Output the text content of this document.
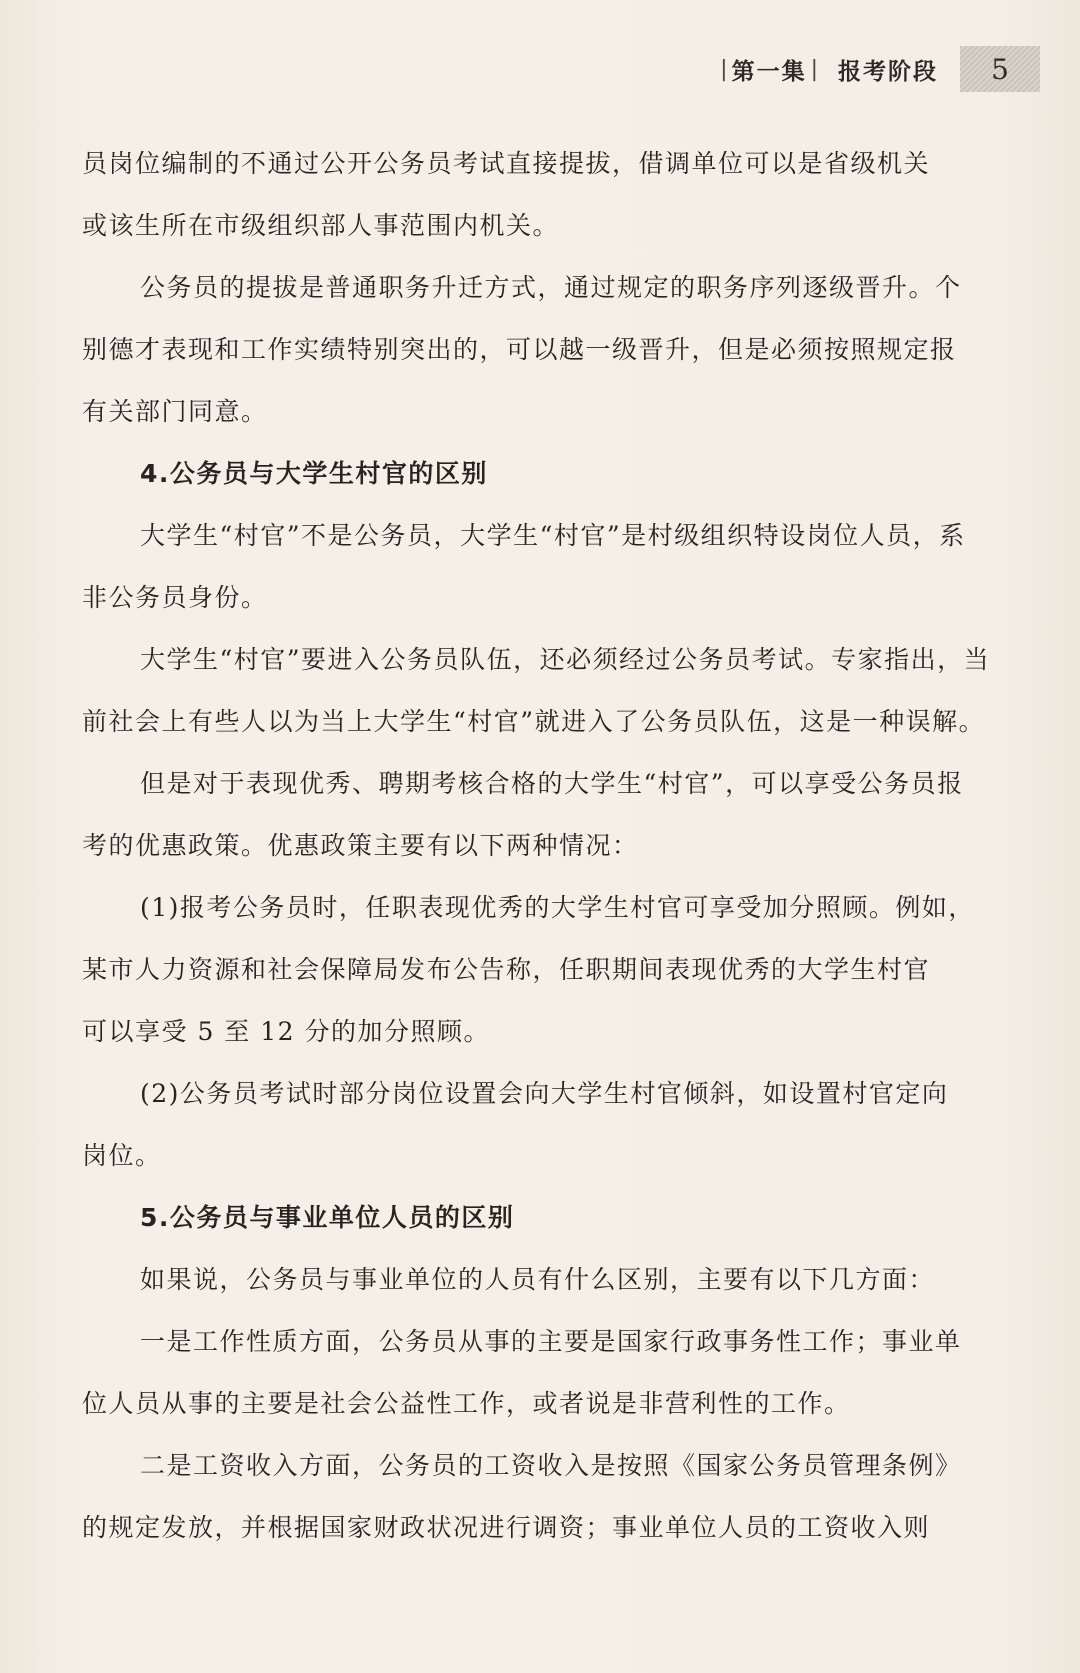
| 第一集 | 报考阶段	5
员岗位编制的不通过公开公务员考试直接提拔，借调单位可以是省级机关
或该生所在市级组织部人事范围内机关。
公务员的提拔是普通职务升迁方式，通过规定的职务序列逐级晋升。个
别德才表现和工作实绩特别突出的，可以越一级晋升，但是必须按照规定报
有关部门同意。
4.公务员与大学生村官的区别
大学生“村官”不是公务员，大学生“村官”是村级组织特设岗位人员，系
非公务员身份。
大学生“村官”要进入公务员队伍，还必须经过公务员考试。专家指出，当
前社会上有些人以为当上大学生“村官”就进入了公务员队伍，这是一种误解。
但是对于表现优秀、聘期考核合格的大学生“村官”，可以享受公务员报
考的优惠政策。优惠政策主要有以下两种情况：
(1)报考公务员时，任职表现优秀的大学生村官可享受加分照顾。例如，
某市人力资源和社会保障局发布公告称，任职期间表现优秀的大学生村官
可以享受 5 至 12 分的加分照顾。
(2)公务员考试时部分岗位设置会向大学生村官倾斜，如设置村官定向
岗位。
5.公务员与事业单位人员的区别
如果说，公务员与事业单位的人员有什么区别，主要有以下几方面：
一是工作性质方面，公务员从事的主要是国家行政事务性工作；事业单
位人员从事的主要是社会公益性工作，或者说是非营利性的工作。
二是工资收入方面，公务员的工资收入是按照《国家公务员管理条例》
的规定发放，并根据国家财政状况进行调资；事业单位人员的工资收入则
